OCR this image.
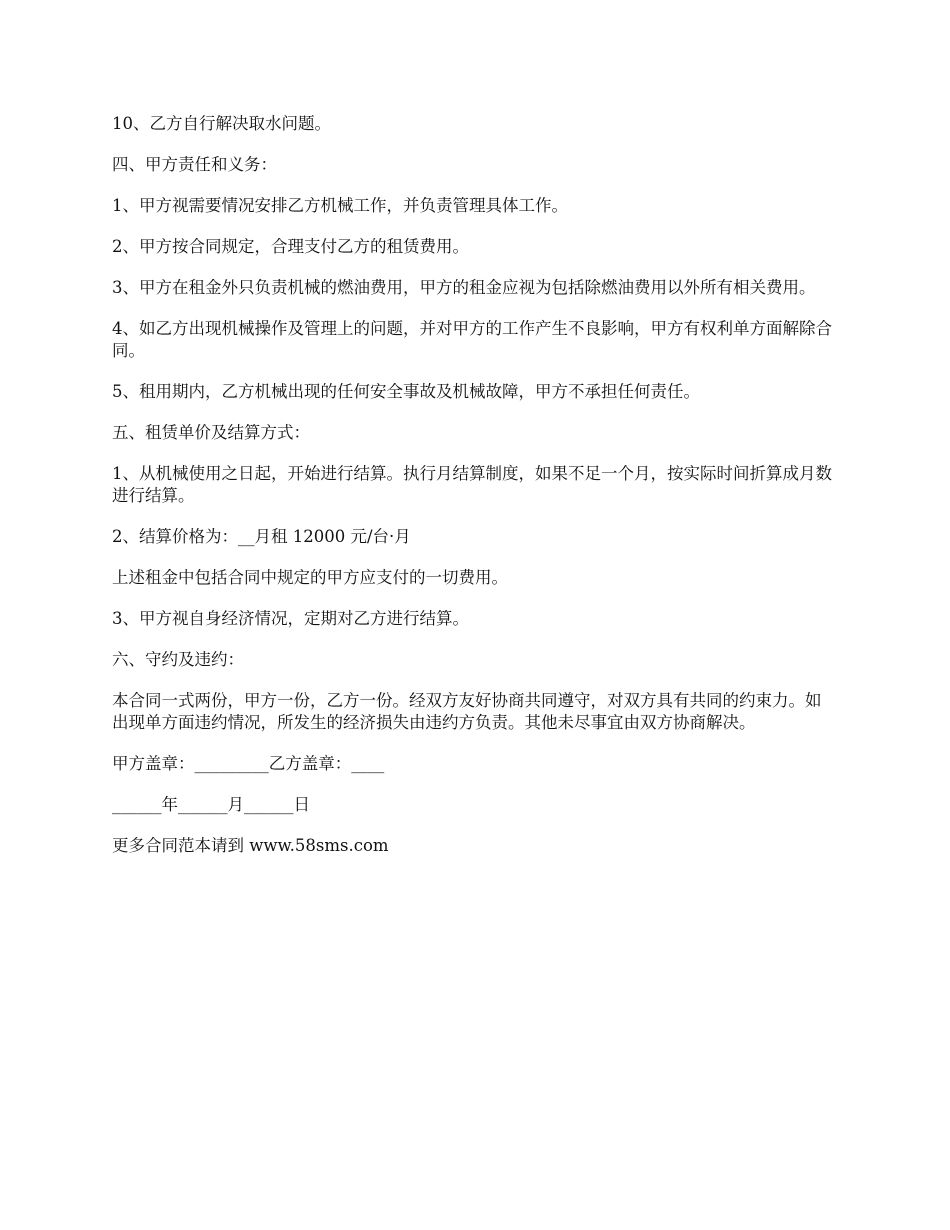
10、乙方自行解决取水问题。

四、甲方责任和义务：

1、甲方视需要情况安排乙方机械工作，并负责管理具体工作。

2、甲方按合同规定，合理支付乙方的租赁费用。

3、甲方在租金外只负责机械的燃油费用，甲方的租金应视为包括除燃油费用以外所有相关费用。

4、如乙方出现机械操作及管理上的问题，并对甲方的工作产生不良影响，甲方有权利单方面解除合同。

5、租用期内，乙方机械出现的任何安全事故及机械故障，甲方不承担任何责任。

五、租赁单价及结算方式：

1、从机械使用之日起，开始进行结算。执行月结算制度，如果不足一个月，按实际时间折算成月数进行结算。

2、结算价格为：__月租 12000 元/台·月

上述租金中包括合同中规定的甲方应支付的一切费用。

3、甲方视自身经济情况，定期对乙方进行结算。

六、守约及违约：

本合同一式两份，甲方一份，乙方一份。经双方友好协商共同遵守，对双方具有共同的约束力。如出现单方面违约情况，所发生的经济损失由违约方负责。其他未尽事宜由双方协商解决。

甲方盖章：_________乙方盖章：____

______年______月______日

更多合同范本请到 www.58sms.com
